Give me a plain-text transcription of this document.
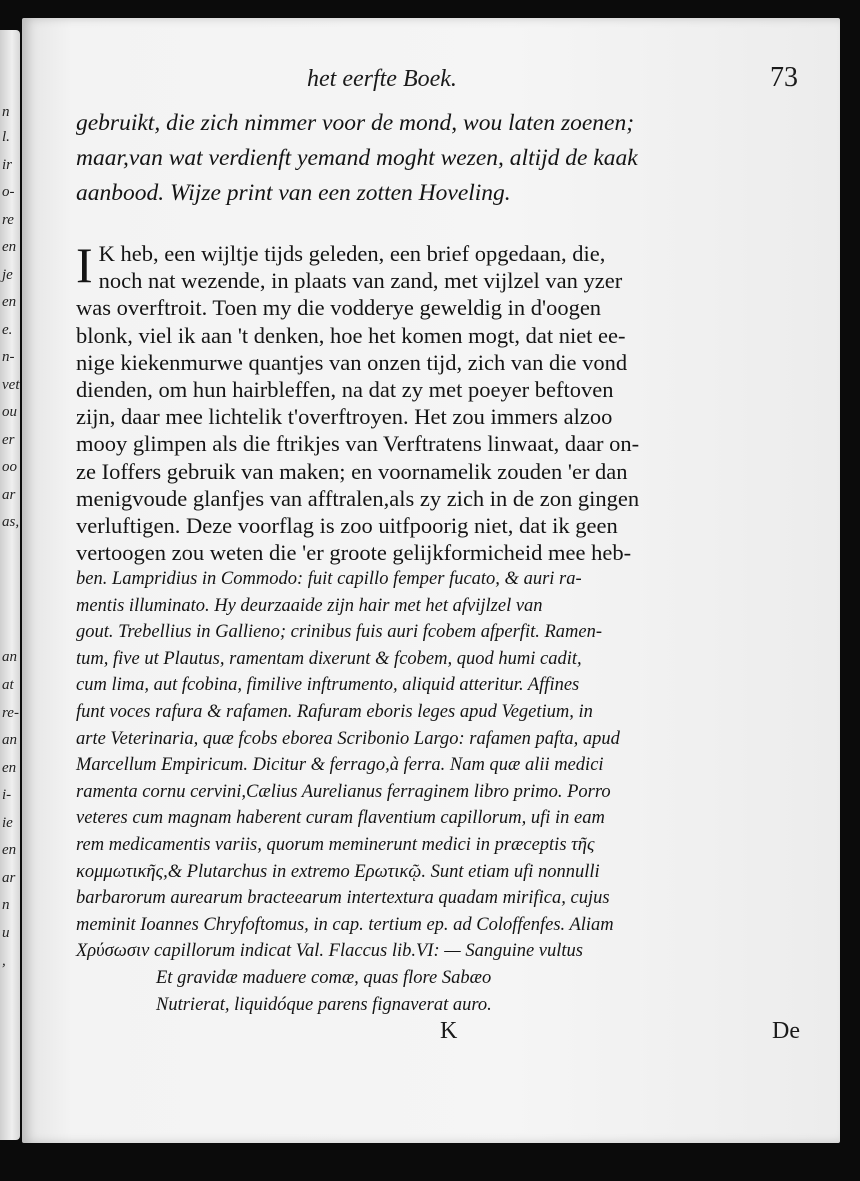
n
l.
ir
o-
re
en
je
en
e.
n-
vet
ou
er
oo
ar
as,
an
at
re-
an
en
i-
ie
en
ar
n
u
,
het eerfte Boek.	73
gebruikt, die zich nimmer voor de mond, wou laten zoenen;
maar,van wat verdienft yemand moght wezen, altijd de kaak
aanbood. Wijze print van een zotten Hoveling.
I K heb, een wijltje tijds geleden, een brief opgedaan, die,
noch nat wezende, in plaats van zand, met vijlzel van yzer
was overftroit. Toen my die vodderye geweldig in d'oogen
blonk, viel ik aan 't denken, hoe het komen mogt, dat niet ee-
nige kiekenmurwe quantjes van onzen tijd, zich van die vond
dienden, om hun hairbleffen, na dat zy met poeyer beftoven
zijn, daar mee lichtelik t'overftroyen. Het zou immers alzoo
mooy glimpen als die ftrikjes van Verftratens linwaat, daar on-
ze Ioffers gebruik van maken; en voornamelik zouden 'er dan
menigvoude glanfjes van afftralen,als zy zich in de zon gingen
verluftigen. Deze voorflag is zoo uitfpoorig niet, dat ik geen
vertoogen zou weten die 'er groote gelijkformicheid mee heb-
ben. Lampridius in Commodo: fuit capillo femper fucato, & auri ra-
mentis illuminato. Hy deurzaaide zijn hair met het afvijlzel van
gout. Trebellius in Gallieno; crinibus fuis auri fcobem afperfit. Ramen-
tum, five ut Plautus, ramentam dixerunt & fcobem, quod humi cadit,
cum lima, aut fcobina, fimilive inftrumento, aliquid atteritur. Affines
funt voces rafura & rafamen. Rafuram eboris leges apud Vegetium, in
arte Veterinaria, quæ fcobs eborea Scribonio Largo: rafamen pafta, apud
Marcellum Empiricum. Dicitur & ferrago,à ferra. Nam quæ alii medici
ramenta cornu cervini,Cælius Aurelianus ferraginem libro primo. Porro
veteres cum magnam haberent curam flaventium capillorum, ufi in eam
rem medicamentis variis, quorum meminerunt medici in præceptis τῆς
κομμωτικῆς,& Plutarchus in extremo Ερωτικῷ. Sunt etiam ufi nonnulli
barbarorum aurearum bracteearum intertextura quadam mirifica, cujus
meminit Ioannes Chryfoftomus, in cap. tertium ep. ad Coloffenfes. Aliam
Χρύσωσιν capillorum indicat Val. Flaccus lib.VI: — Sanguine vultus
Et gravidæ maduere comæ, quas flore Sabæo
Nutrierat, liquidóque parens fignaverat auro.
K	De
